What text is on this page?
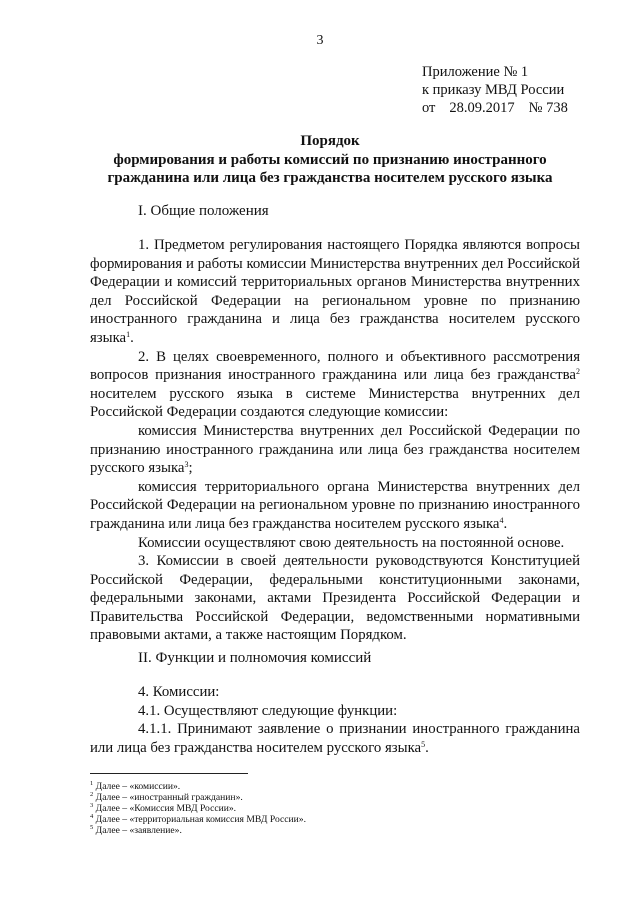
3
Приложение № 1
к приказу МВД России
от 28.09.2017 № 738
Порядок
формирования и работы комиссий по признанию иностранного
гражданина или лица без гражданства носителем русского языка
I. Общие положения

1. Предметом регулирования настоящего Порядка являются вопросы формирования и работы комиссии Министерства внутренних дел Российской Федерации и комиссий территориальных органов Министерства внутренних дел Российской Федерации на региональном уровне по признанию иностранного гражданина и лица без гражданства носителем русского языка$^1$.

2. В целях своевременного, полного и объективного рассмотрения вопросов признания иностранного гражданина или лица без гражданства$^2$ носителем русского языка в системе Министерства внутренних дел Российской Федерации создаются следующие комиссии:

комиссия Министерства внутренних дел Российской Федерации по признанию иностранного гражданина или лица без гражданства носителем русского языка$^3$;

комиссия территориального органа Министерства внутренних дел Российской Федерации на региональном уровне по признанию иностранного гражданина или лица без гражданства носителем русского языка$^4$.

Комиссии осуществляют свою деятельность на постоянной основе.

3. Комиссии в своей деятельности руководствуются Конституцией Российской Федерации, федеральными конституционными законами, федеральными законами, актами Президента Российской Федерации и Правительства Российской Федерации, ведомственными нормативными правовыми актами, а также настоящим Порядком.

II. Функции и полномочия комиссий

4. Комиссии:

4.1. Осуществляют следующие функции:

4.1.1. Принимают заявление о признании иностранного гражданина или лица без гражданства носителем русского языка$^5$.

$^1$ Далее – «комиссии».
$^2$ Далее – «иностранный гражданин».
$^3$ Далее – «Комиссия МВД России».
$^4$ Далее – «территориальная комиссия МВД России».
$^5$ Далее – «заявление».
